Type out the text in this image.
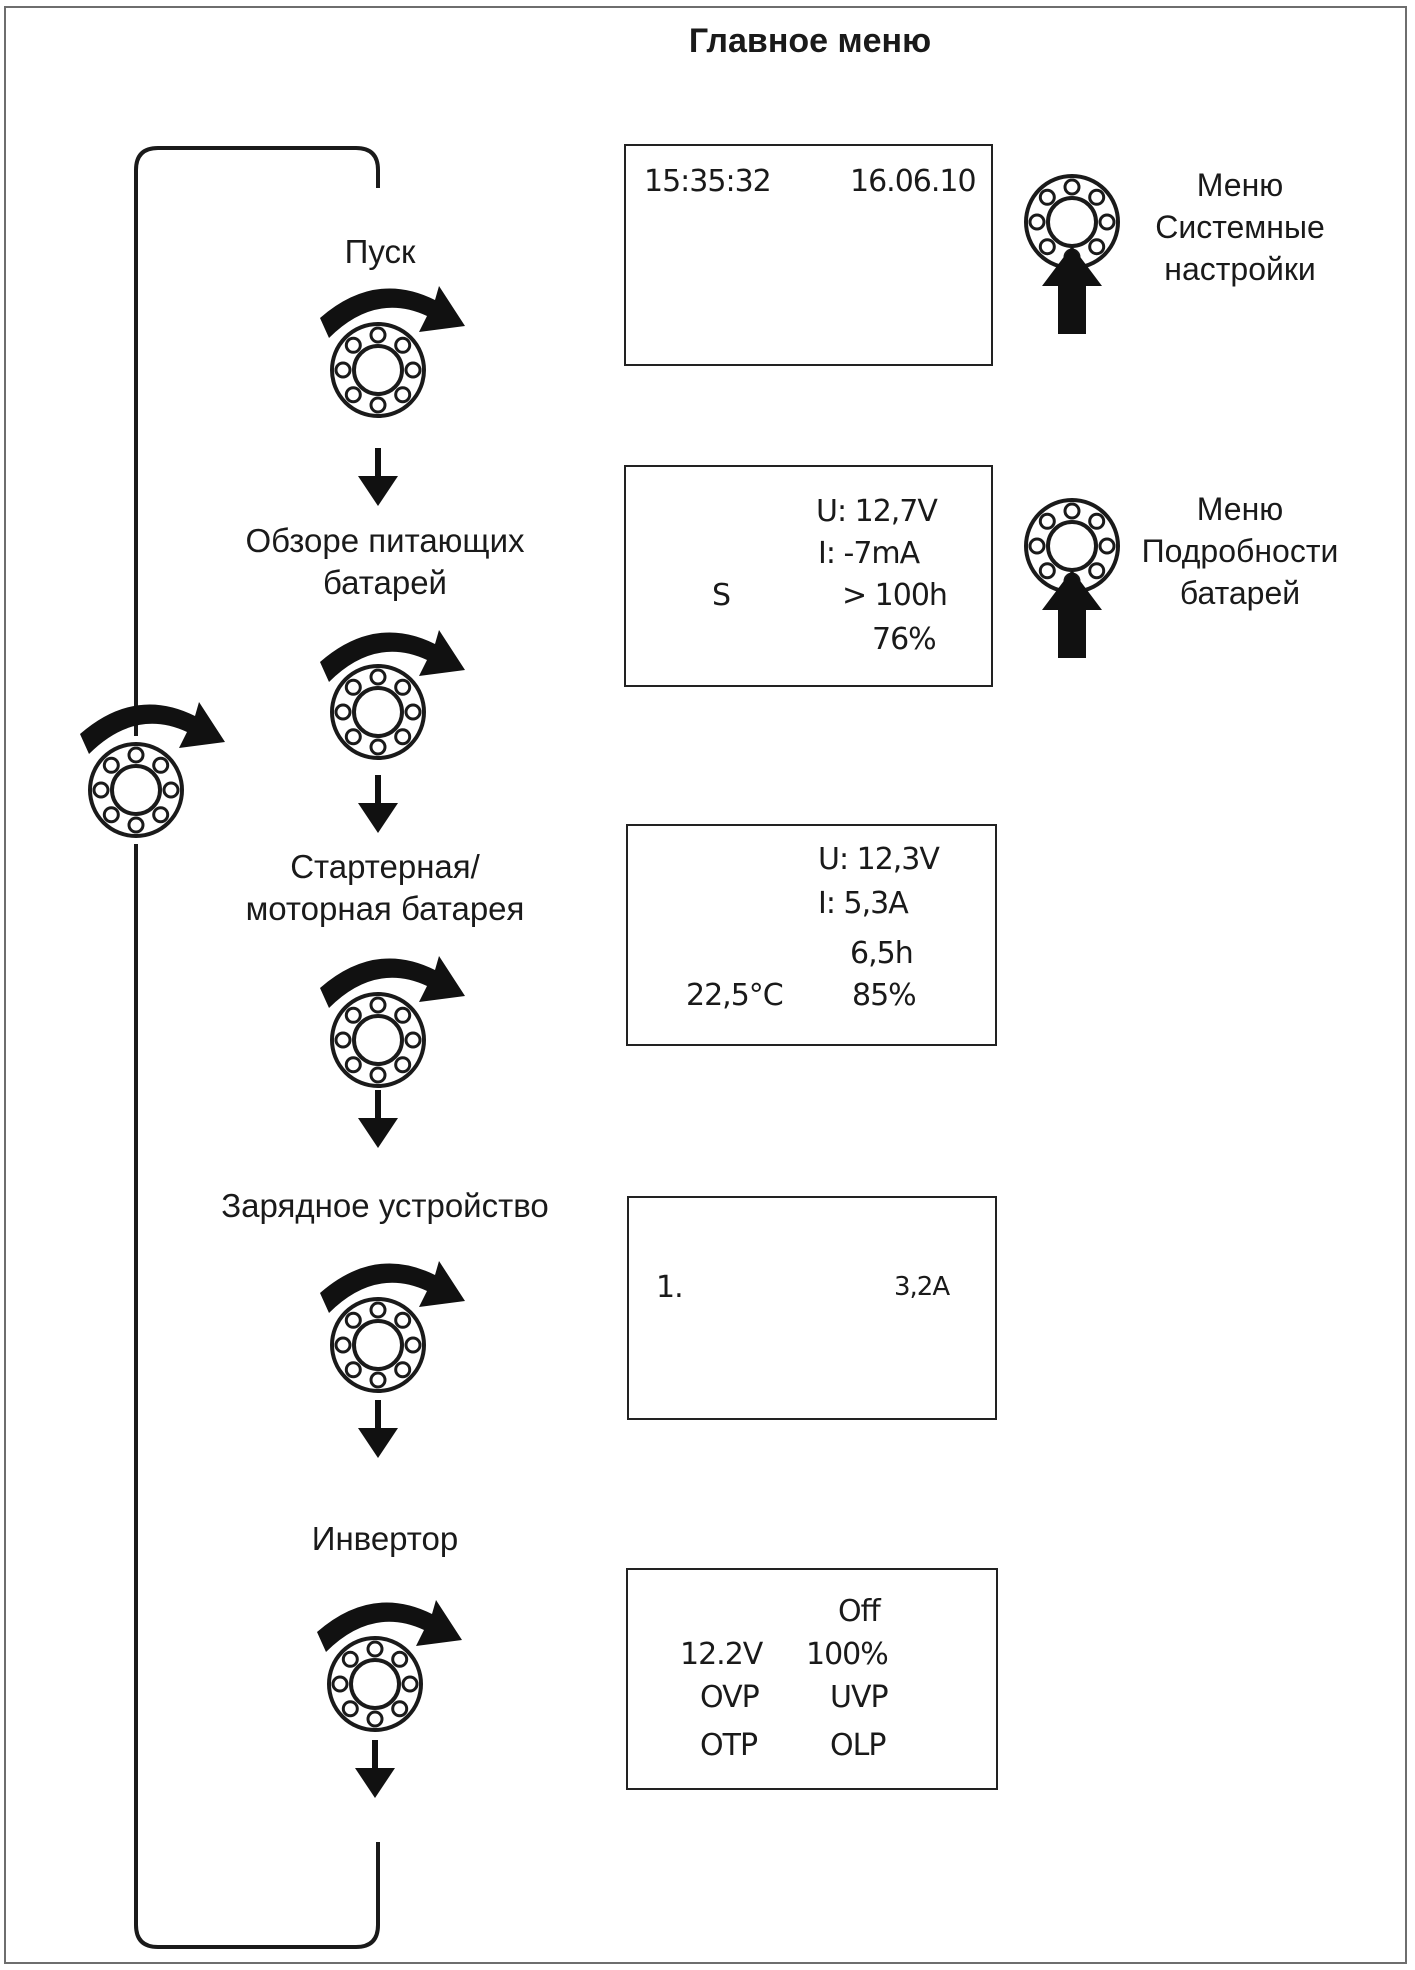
Главное меню
Пуск
Обзоре питающих
батарей
Стартерная/
моторная батарея
Зарядное устройство
Инвертор
Меню
Системные
настройки
Меню
Подробности
батарей
15:35:32	16.06.10
U: 12,7V
I: -7mA
S	> 100h
76%
U: 12,3V
I: 5,3A
6,5h
22,5°C 85%
1.	3,2A
Off
12.2V 100%
OVP UVP
OTP OLP
